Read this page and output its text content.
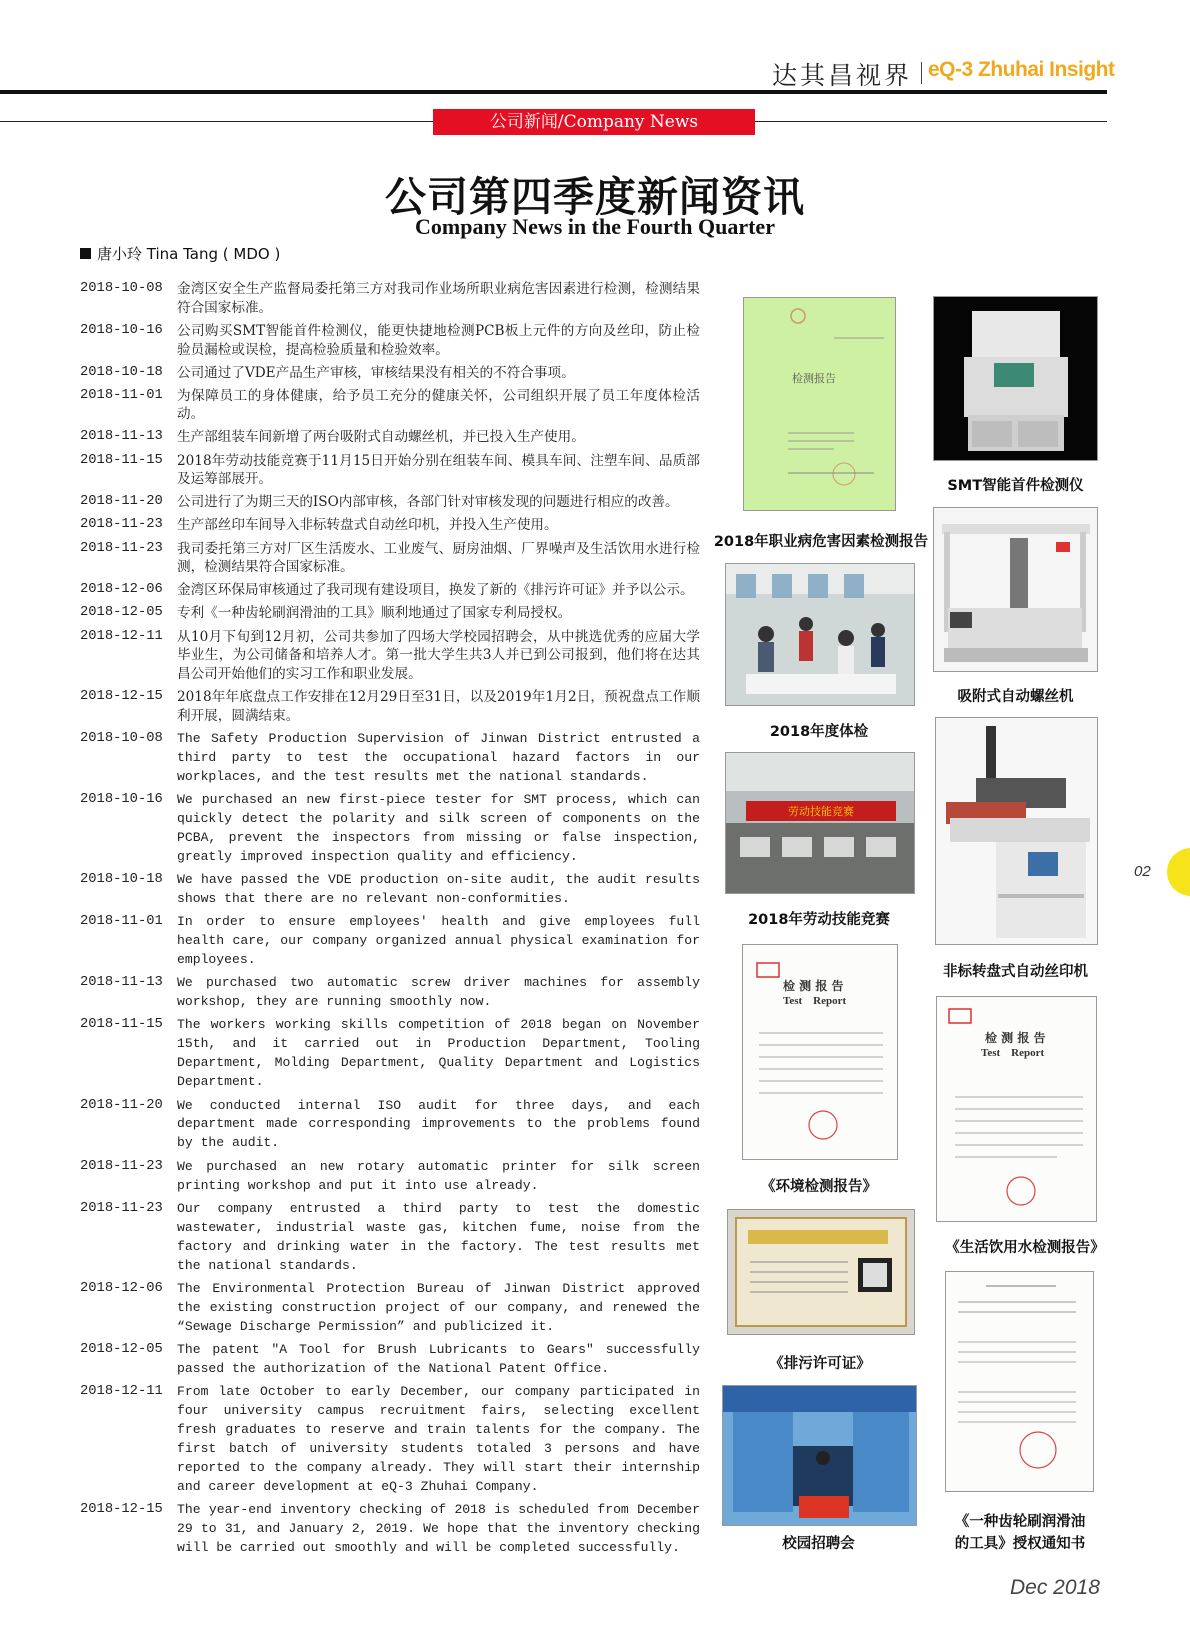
达其昌视界 eQ-3 Zhuhai Insight
公司新闻/Company News
公司第四季度新闻资讯
Company News in the Fourth Quarter
唐小玲 Tina Tang ( MDO )
2018-10-08	金湾区安全生产监督局委托第三方对我司作业场所职业病危害因素进行检测，检测结果符合国家标准。
2018-10-16	公司购买SMT智能首件检测仪，能更快捷地检测PCB板上元件的方向及丝印，防止检验员漏检或误检，提高检验质量和检验效率。
2018-10-18	公司通过了VDE产品生产审核，审核结果没有相关的不符合事项。
2018-11-01	为保障员工的身体健康，给予员工充分的健康关怀，公司组织开展了员工年度体检活动。
2018-11-13	生产部组装车间新增了两台吸附式自动螺丝机，并已投入生产使用。
2018-11-15	2018年劳动技能竞赛于11月15日开始分别在组装车间、模具车间、注塑车间、品质部及运筹部展开。
2018-11-20	公司进行了为期三天的ISO内部审核，各部门针对审核发现的问题进行相应的改善。
2018-11-23	生产部丝印车间导入非标转盘式自动丝印机，并投入生产使用。
2018-11-23	我司委托第三方对厂区生活废水、工业废气、厨房油烟、厂界噪声及生活饮用水进行检测，检测结果符合国家标准。
2018-12-06	金湾区环保局审核通过了我司现有建设项目，换发了新的《排污许可证》并予以公示。
2018-12-05	专利《一种齿轮刷润滑油的工具》顺利地通过了国家专利局授权。
2018-12-11	从10月下旬到12月初，公司共参加了四场大学校园招聘会，从中挑选优秀的应届大学毕业生，为公司储备和培养人才。第一批大学生共3人并已到公司报到，他们将在达其昌公司开始他们的实习工作和职业发展。
2018-12-15	2018年年底盘点工作安排在12月29日至31日，以及2019年1月2日，预祝盘点工作顺利开展，圆满结束。
2018-10-08	The Safety Production Supervision of Jinwan District entrusted a third party to test the occupational hazard factors in our workplaces, and the test results met the national standards.
2018-10-16	We purchased an new first-piece tester for SMT process, which can quickly detect the polarity and silk screen of components on the PCBA, prevent the inspectors from missing or false inspection, greatly improved inspection quality and efficiency.
2018-10-18	We have passed the VDE production on-site audit, the audit results shows that there are no relevant non-conformities.
2018-11-01	In order to ensure employees' health and give employees full health care, our company organized annual physical examination for employees.
2018-11-13	We purchased two automatic screw driver machines for assembly workshop, they are running smoothly now.
2018-11-15	The workers working skills competition of 2018 began on November 15th, and it carried out in Production Department, Tooling Department, Molding Department, Quality Department and Logistics Department.
2018-11-20	We conducted internal ISO audit for three days, and each department made corresponding improvements to the problems found by the audit.
2018-11-23	We purchased an new rotary automatic printer for silk screen printing workshop and put it into use already.
2018-11-23	Our company entrusted a third party to test the domestic wastewater, industrial waste gas, kitchen fume, noise from the factory and drinking water in the factory. The test results met the national standards.
2018-12-06	The Environmental Protection Bureau of Jinwan District approved the existing construction project of our company, and renewed the “Sewage Discharge Permission” and publicized it.
2018-12-05	The patent "A Tool for Brush Lubricants to Gears" successfully passed the authorization of the National Patent Office.
2018-12-11	From late October to early December, our company participated in four university campus recruitment fairs, selecting excellent fresh graduates to reserve and train talents for the company. The first batch of university students totaled 3 persons and have reported to the company already. They will start their internship and career development at eQ-3 Zhuhai Company.
2018-12-15	The year-end inventory checking of 2018 is scheduled from December 29 to 31, and January 2, 2019. We hope that the inventory checking will be carried out smoothly and will be completed successfully.
检测报告
2018年职业病危害因素检测报告
SMT智能首件检测仪
吸附式自动螺丝机
2018年度体检
劳动技能竞赛
2018年劳动技能竞赛
非标转盘式自动丝印机
检 测 报 告
Test    Report
《环境检测报告》
检 测 报 告
Test    Report
《生活饮用水检测报告》
《排污许可证》
《一种齿轮刷润滑油
的工具》授权通知书
校园招聘会
02
Dec 2018
